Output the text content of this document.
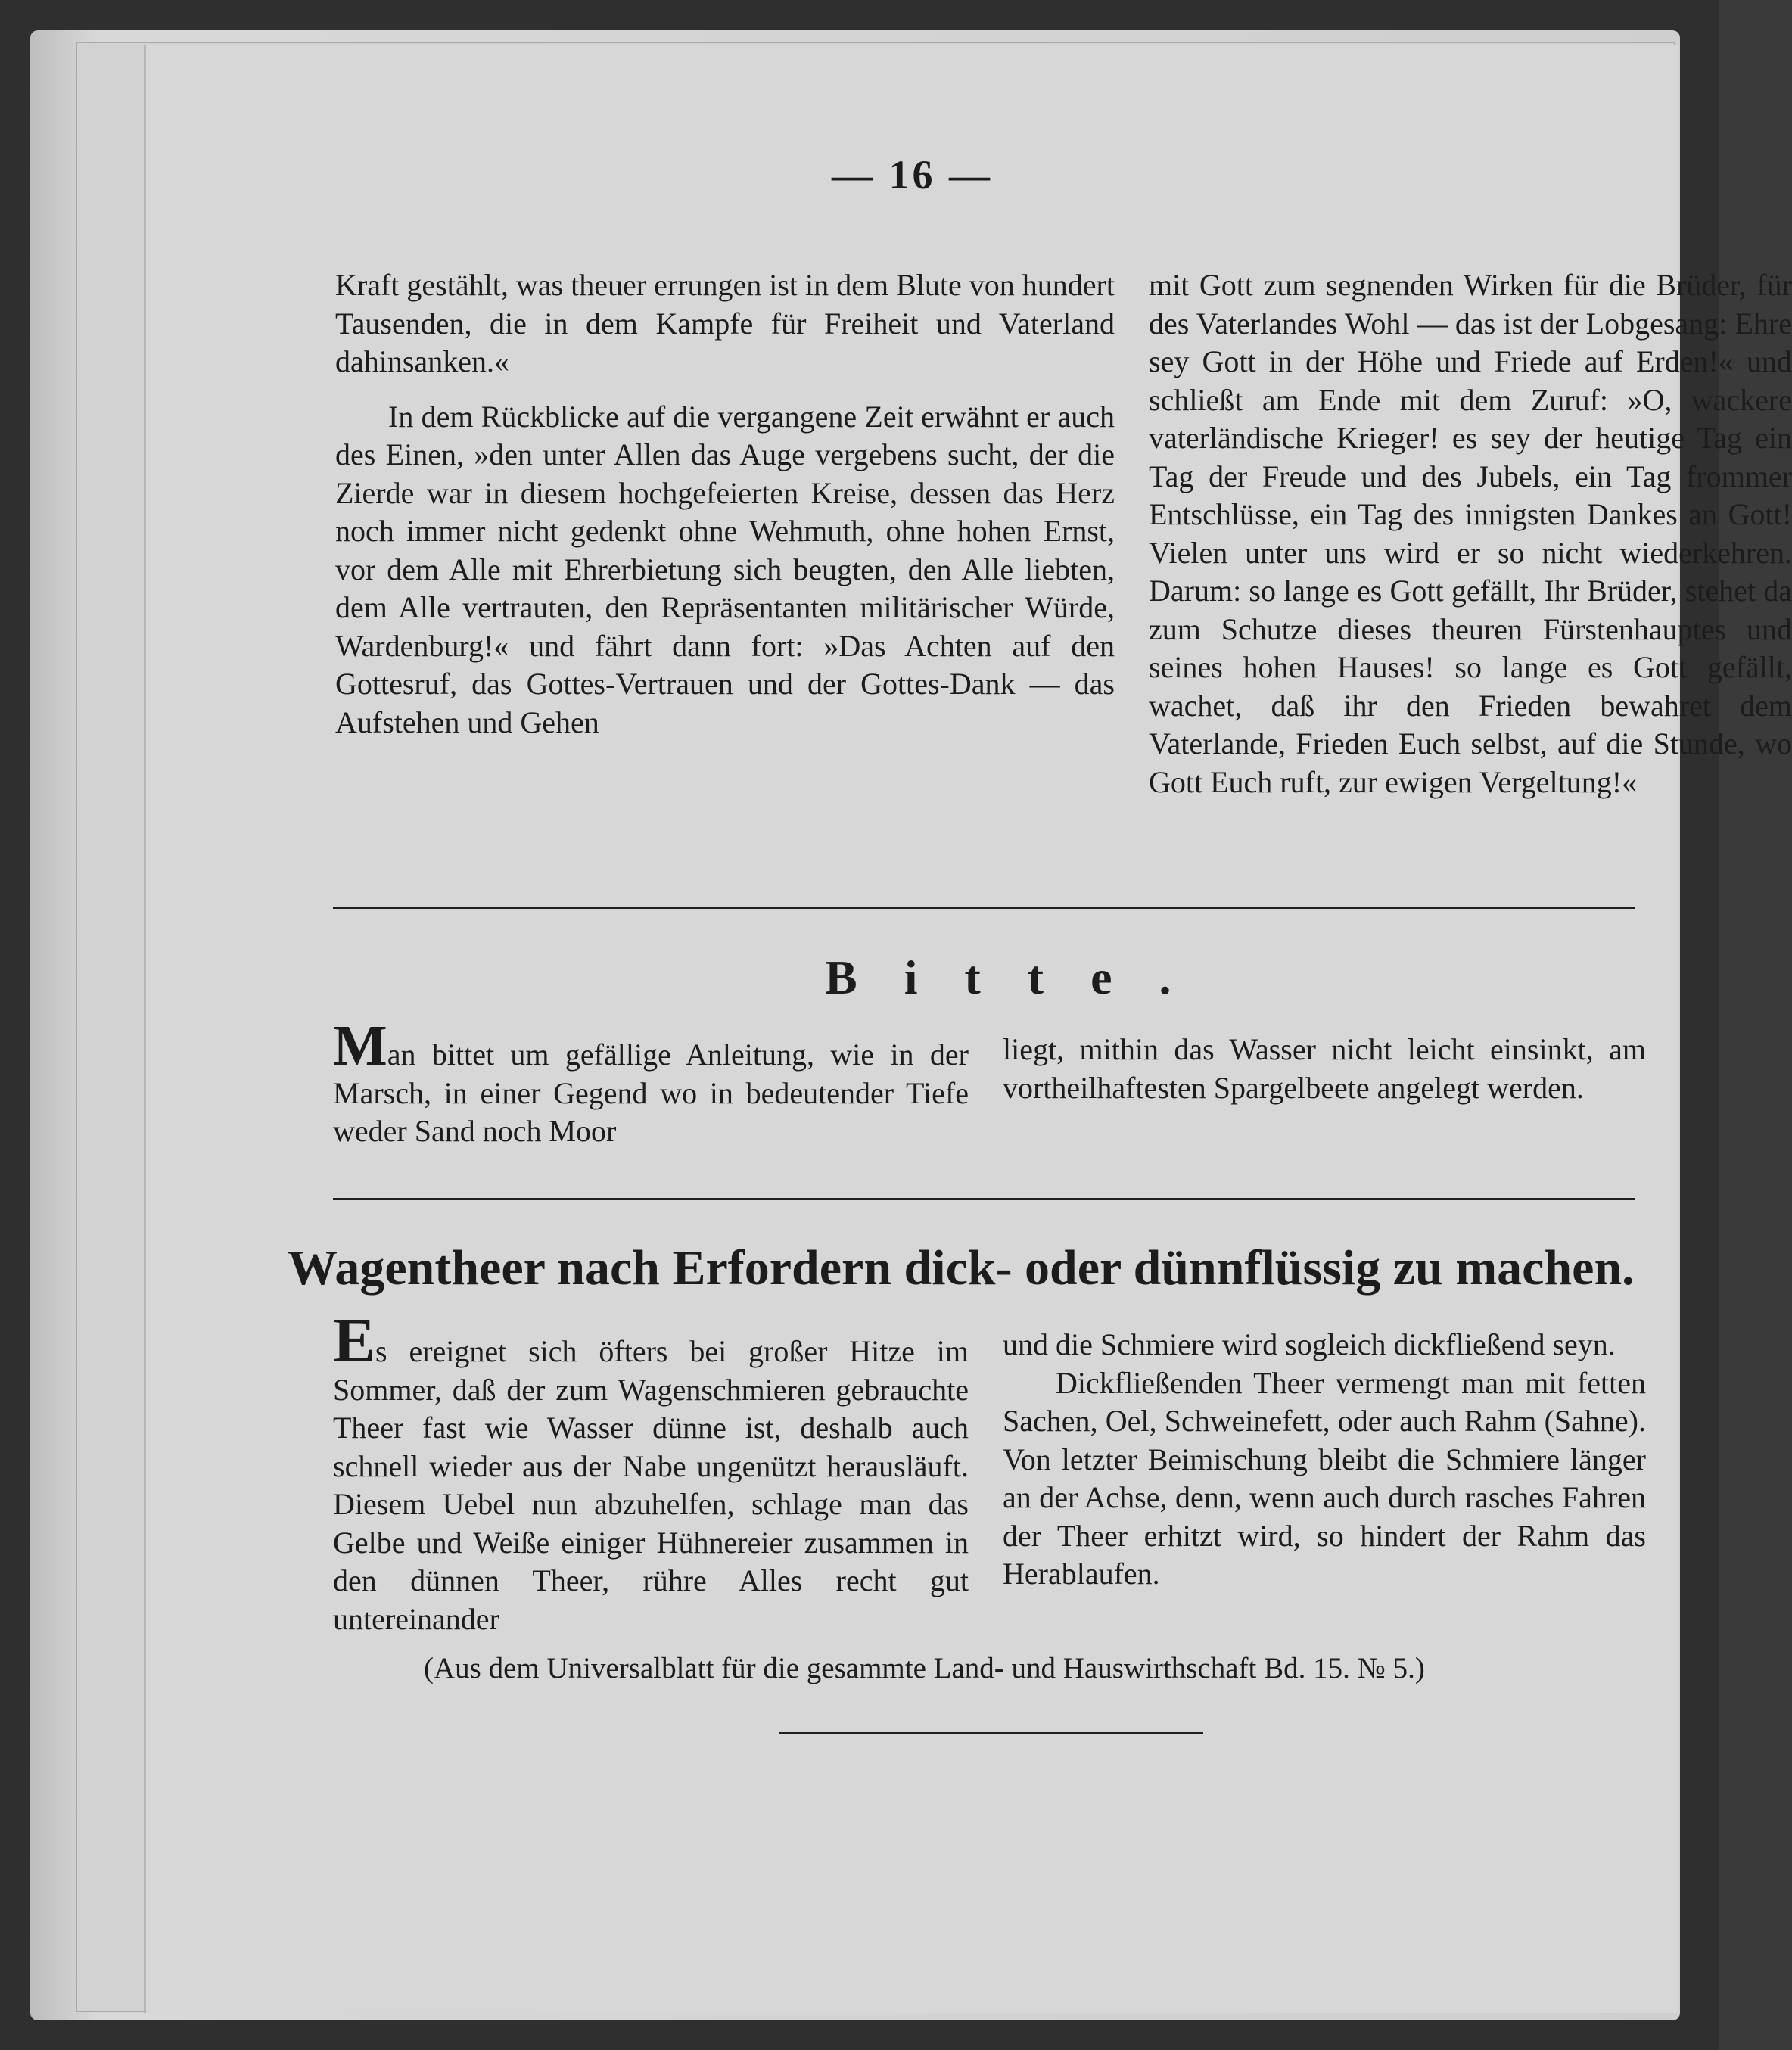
— 16 —

Kraft gestählt, was theuer errungen ist in dem Blute von hundert Tausenden, die in dem Kampfe für Freiheit und Vaterland dahinsanken.«

In dem Rückblicke auf die vergangene Zeit erwähnt er auch des Einen, »den unter Allen das Auge vergebens sucht, der die Zierde war in diesem hochgefeierten Kreise, dessen das Herz noch immer nicht gedenkt ohne Wehmuth, ohne hohen Ernst, vor dem Alle mit Ehrerbietung sich beugten, den Alle liebten, dem Alle vertrauten, den Repräsentanten militärischer Würde, Wardenburg!« und fährt dann fort: »Das Achten auf den Gottesruf, das Gottes-Vertrauen und der Gottes-Dank — das Aufstehen und Gehen

mit Gott zum segnenden Wirken für die Brüder, für des Vaterlandes Wohl — das ist der Lobgesang: Ehre sey Gott in der Höhe und Friede auf Erden!« und schließt am Ende mit dem Zuruf: »O, wackere vaterländische Krieger! es sey der heutige Tag ein Tag der Freude und des Jubels, ein Tag frommer Entschlüsse, ein Tag des innigsten Dankes an Gott! Vielen unter uns wird er so nicht wiederkehren. Darum: so lange es Gott gefällt, Ihr Brüder, stehet da zum Schutze dieses theuren Fürstenhauptes und seines hohen Hauses! so lange es Gott gefällt, wachet, daß ihr den Frieden bewahret dem Vaterlande, Frieden Euch selbst, auf die Stunde, wo Gott Euch ruft, zur ewigen Vergeltung!«

Bitte.

Man bittet um gefällige Anleitung, wie in der Marsch, in einer Gegend wo in bedeutender Tiefe weder Sand noch Moor

liegt, mithin das Wasser nicht leicht einsinkt, am vortheilhaftesten Spargelbeete angelegt werden.

Wagentheer nach Erfordern dick- oder dünnflüssig zu machen.

Es ereignet sich öfters bei großer Hitze im Sommer, daß der zum Wagenschmieren gebrauchte Theer fast wie Wasser dünne ist, deshalb auch schnell wieder aus der Nabe ungenützt herausläuft. Diesem Uebel nun abzuhelfen, schlage man das Gelbe und Weiße einiger Hühnereier zusammen in den dünnen Theer, rühre Alles recht gut untereinander

und die Schmiere wird sogleich dickfließend seyn.

Dickfließenden Theer vermengt man mit fetten Sachen, Oel, Schweinefett, oder auch Rahm (Sahne). Von letzter Beimischung bleibt die Schmiere länger an der Achse, denn, wenn auch durch rasches Fahren der Theer erhitzt wird, so hindert der Rahm das Herablaufen.

(Aus dem Universalblatt für die gesammte Land- und Hauswirthschaft Bd. 15. № 5.)
